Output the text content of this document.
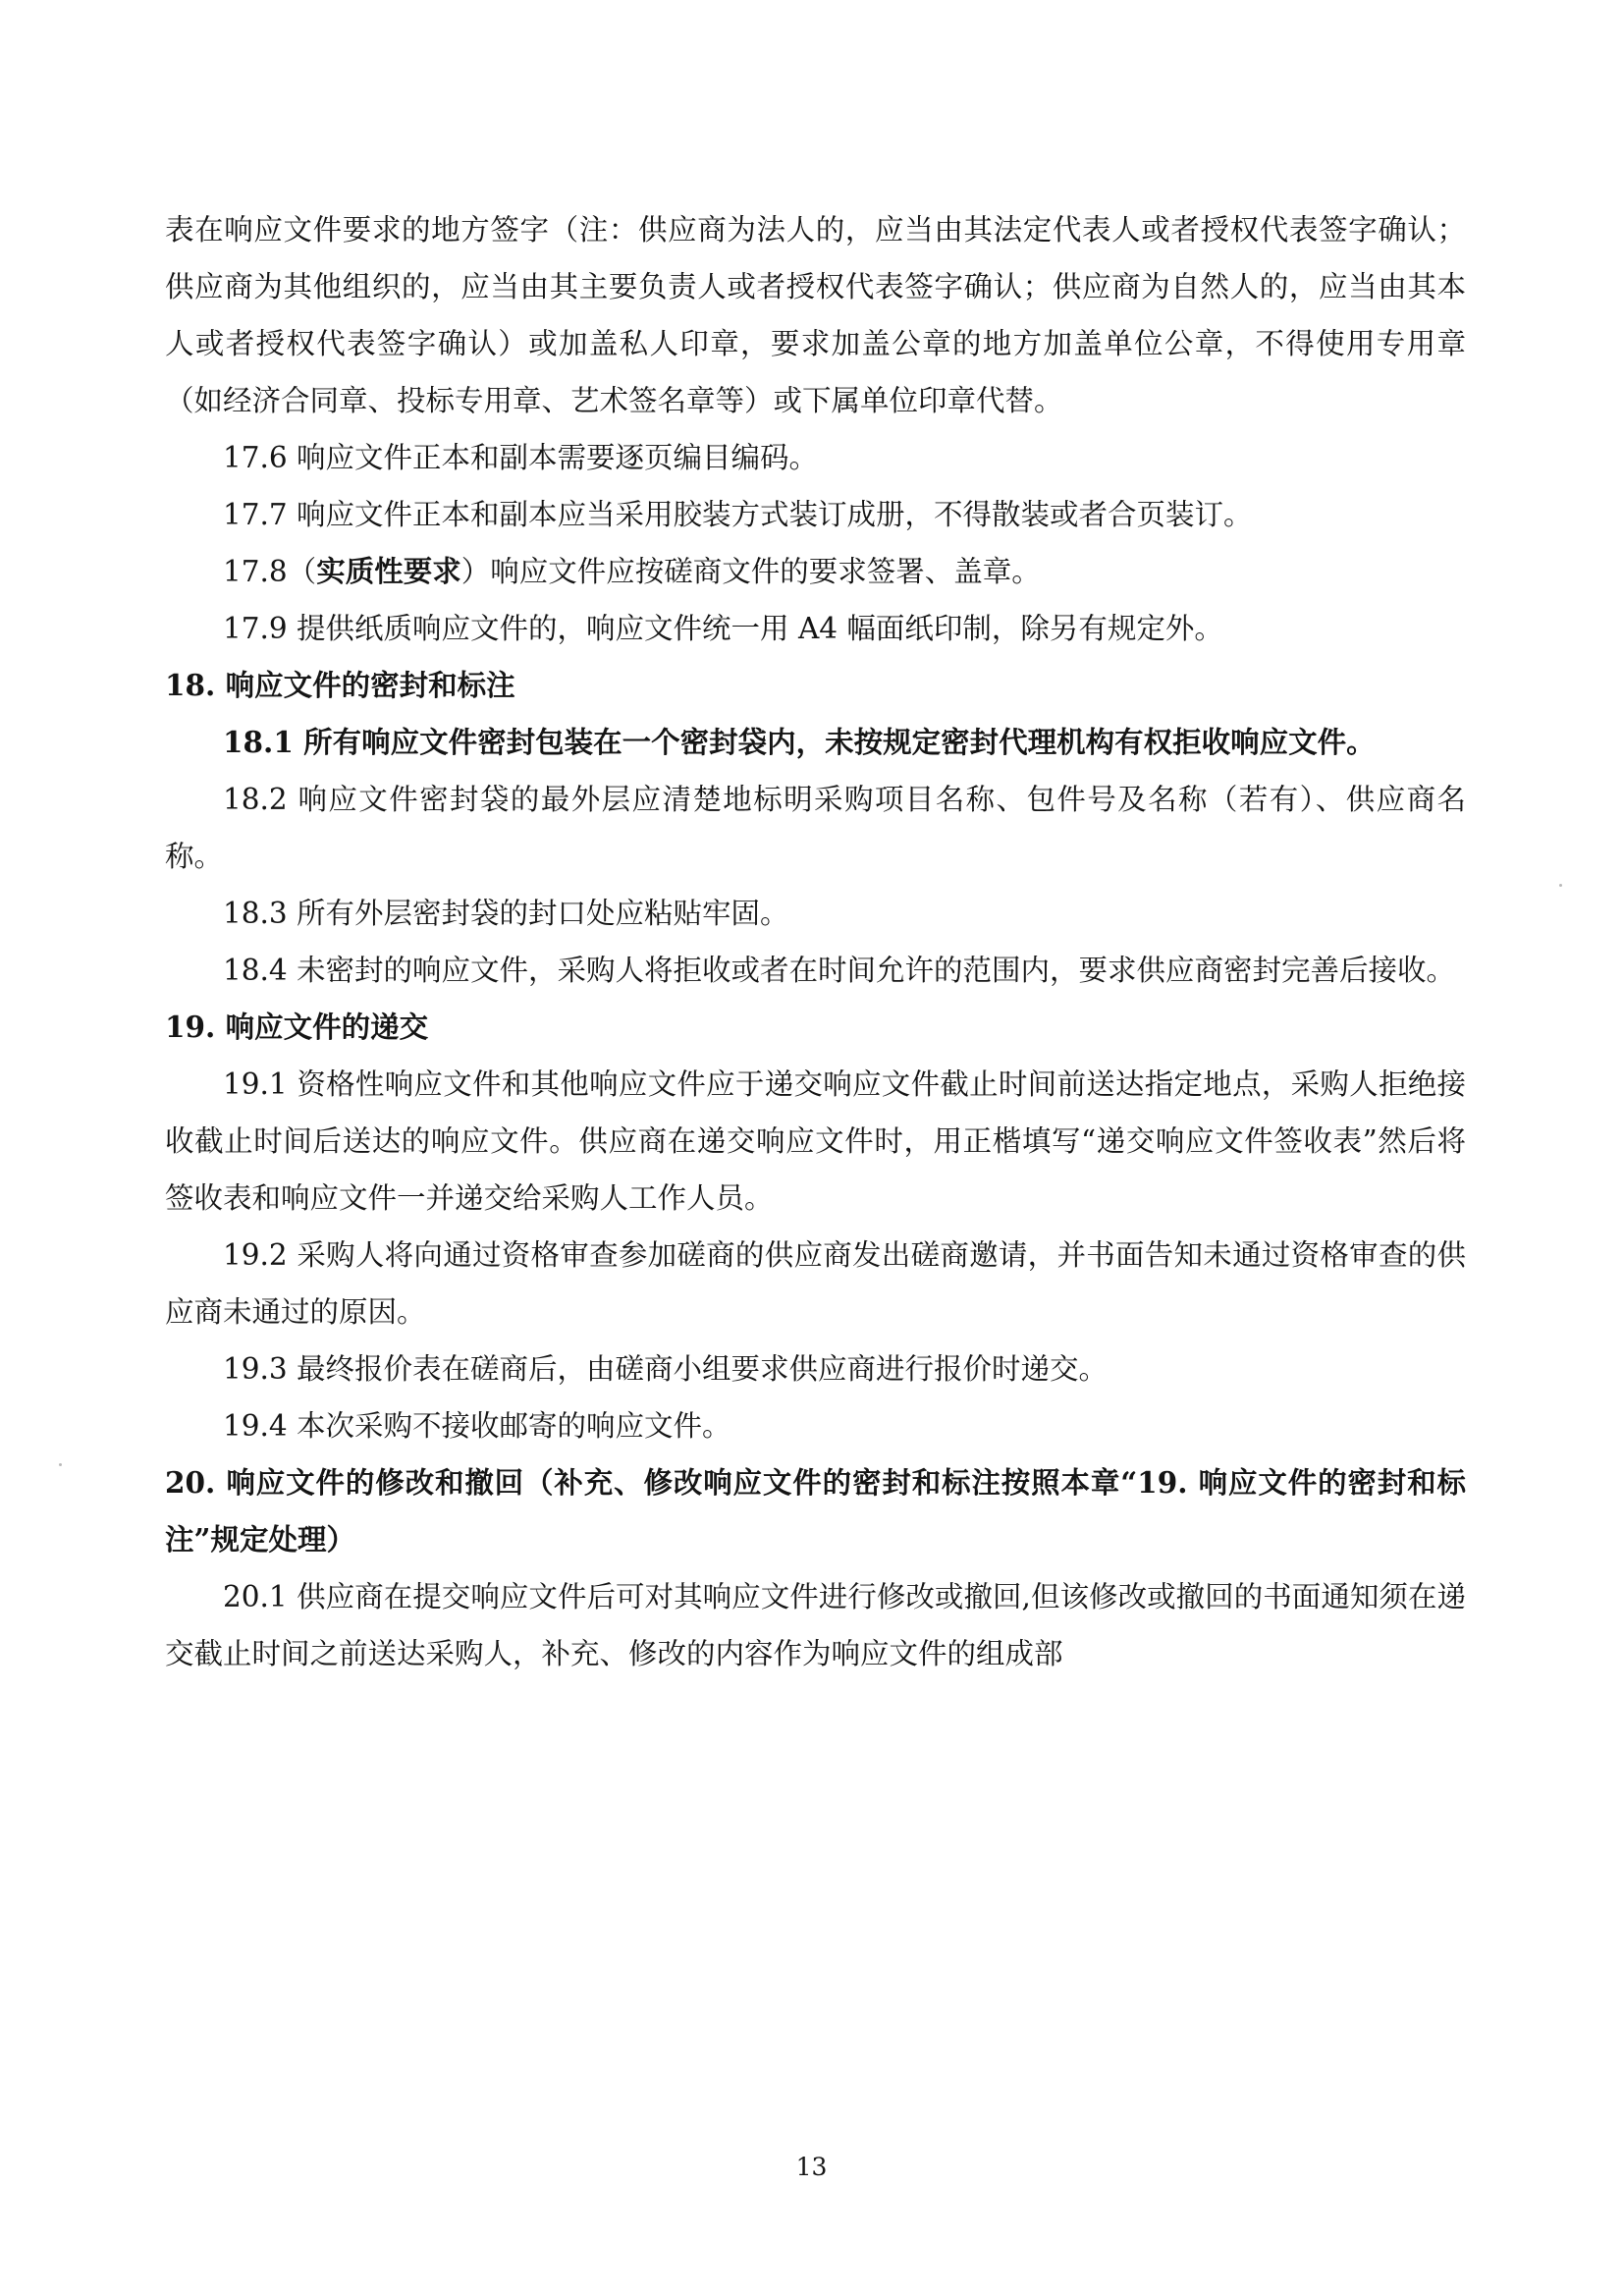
表在响应文件要求的地方签字（注：供应商为法人的，应当由其法定代表人或者授权代表签字确认；供应商为其他组织的，应当由其主要负责人或者授权代表签字确认；供应商为自然人的，应当由其本人或者授权代表签字确认）或加盖私人印章，要求加盖公章的地方加盖单位公章，不得使用专用章（如经济合同章、投标专用章、艺术签名章等）或下属单位印章代替。

17.6 响应文件正本和副本需要逐页编目编码。

17.7 响应文件正本和副本应当采用胶装方式装订成册，不得散装或者合页装订。

17.8（实质性要求）响应文件应按磋商文件的要求签署、盖章。

17.9 提供纸质响应文件的，响应文件统一用 A4 幅面纸印制，除另有规定外。

18. 响应文件的密封和标注

18.1 所有响应文件密封包装在一个密封袋内，未按规定密封代理机构有权拒收响应文件。

18.2 响应文件密封袋的最外层应清楚地标明采购项目名称、包件号及名称（若有）、供应商名称。

18.3 所有外层密封袋的封口处应粘贴牢固。

18.4 未密封的响应文件，采购人将拒收或者在时间允许的范围内，要求供应商密封完善后接收。

19. 响应文件的递交

19.1 资格性响应文件和其他响应文件应于递交响应文件截止时间前送达指定地点，采购人拒绝接收截止时间后送达的响应文件。供应商在递交响应文件时，用正楷填写“递交响应文件签收表”然后将签收表和响应文件一并递交给采购人工作人员。

19.2 采购人将向通过资格审查参加磋商的供应商发出磋商邀请，并书面告知未通过资格审查的供应商未通过的原因。

19.3 最终报价表在磋商后，由磋商小组要求供应商进行报价时递交。

19.4 本次采购不接收邮寄的响应文件。

20. 响应文件的修改和撤回（补充、修改响应文件的密封和标注按照本章“19. 响应文件的密封和标注”规定处理）

20.1 供应商在提交响应文件后可对其响应文件进行修改或撤回,但该修改或撤回的书面通知须在递交截止时间之前送达采购人，补充、修改的内容作为响应文件的组成部

13
